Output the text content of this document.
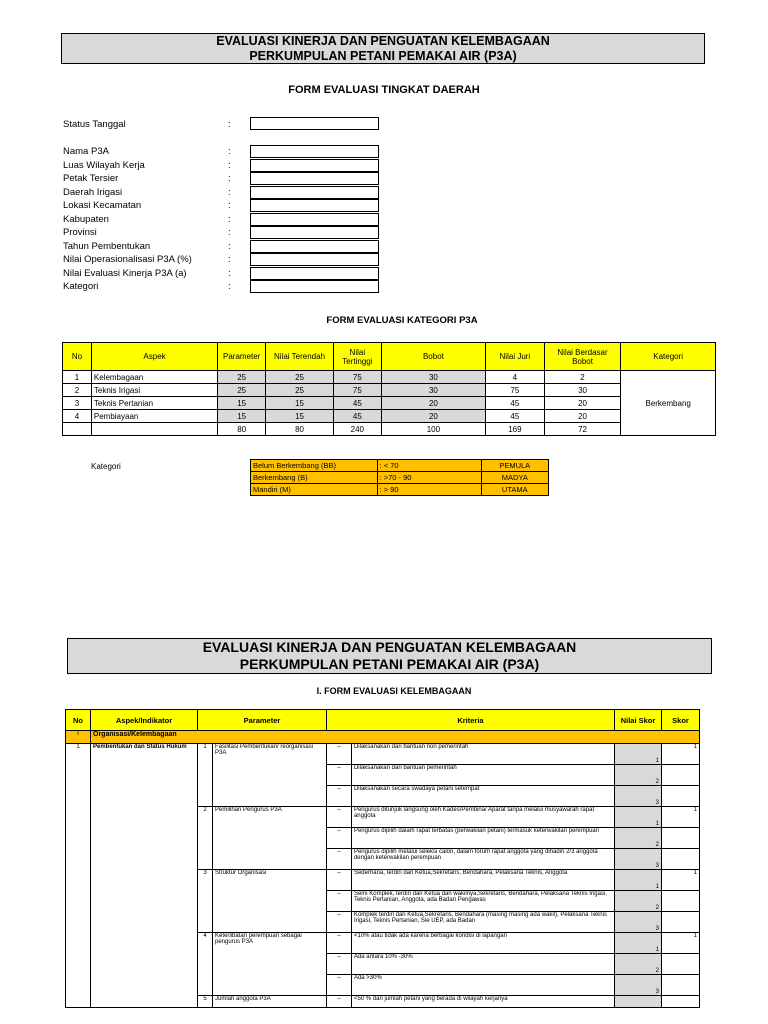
EVALUASI KINERJA DAN PENGUATAN KELEMBAGAAN
PERKUMPULAN PETANI PEMAKAI AIR (P3A)
FORM EVALUASI TINGKAT DAERAH
Status Tanggal	:
Nama P3A	:
Luas Wilayah Kerja	:
Petak Tersier	:
Daerah Irigasi	:
Lokasi Kecamatan	:
Kabupaten	:
Provinsi	:
Tahun Pembentukan	:
Nilai Operasionalisasi P3A (%)	:
Nilai Evaluasi Kinerja P3A (a)	:
Kategori	:
FORM EVALUASI KATEGORI P3A
No	Aspek	Parameter	Nilai Terendah	Nilai Tertinggi	Bobot	Nilai Juri	Nilai Berdasar Bobot	Kategori
1	Kelembagaan	25	25	75	30	4	2	Berkembang
2	Teknis Irigasi	25	25	75	30	75	30	
3	Teknis Pertanian	15	15	45	20	45	20	
4	Pembiayaan	15	15	45	20	45	20	
		80	80	240	100	169	72	
Kategori	Belum Berkembang (BB)	: < 70	PEMULA
Berkembang (B)	: >70 - 90	MADYA
Mandiri (M)	: > 90	UTAMA
EVALUASI KINERJA DAN PENGUATAN KELEMBAGAAN
PERKUMPULAN PETANI PEMAKAI AIR (P3A)
I. FORM EVALUASI KELEMBAGAAN
No	Aspek/Indikator	Parameter		Kriteria		Nilai Skor	Skor
I	Organisasi/Kelembagaan						
1	Pembentukan dan Status Hukum	1	Fasilitasi Pembentukan/ reorganisasi P3A	–	Dilaksanakan dari bantuan non pemerintah	1	1
				–	Dilaksanakan dari bantuan pemerintah	2	
				–	Dilaksanakan secara swadaya petani setempat	3	
		2	Pemilihan Pengurus P3A	–	Pengurus ditunjuk langsung oleh Kades/Pembina/ Aparat tanpa melalui musyawarah rapat anggota	1	1
				–	Pengurus dipilih dalam rapat terbatas (perwakilan petani) termasuk keterwakilan perempuan	2	
				–	Pengurus dipilih melalui seleksi calon, dalam forum rapat anggota yang dihadiri 2/3 anggota dengan keterwakilan perempuan	3	
		3	Struktur Organisasi	–	Sederhana, terdiri dari Ketua,Sekretaris, Bendahara, Pelaksana Teknis, Anggota	1	1
				–	Semi Komplek, terdiri dari Ketua dan wakilnya,Sekretaris, Bendahara, Pelaksana Teknis Irigasi, Teknis Pertanian, Anggota, ada Badan Pengawas	2	
				–	Komplek terdiri dari Ketua,Sekretaris, Bendahara (masing masing ada wakil), Pelaksana Teknis Irigasi, Teknis Pertanian, Sie UEP, ada Badan	3	
		4	Keterlibatan perempuan sebagai pengurus P3A	–	<10% atau tidak ada karena berbagai kondisi di lapangan	1	1
				–	Ada antara 10% -30%	2	
				–	Ada >30%	3	
		5	Jumlah anggota P3A	–	<50 % dari jumlah petani yang berada di wilayah kerjanya		
